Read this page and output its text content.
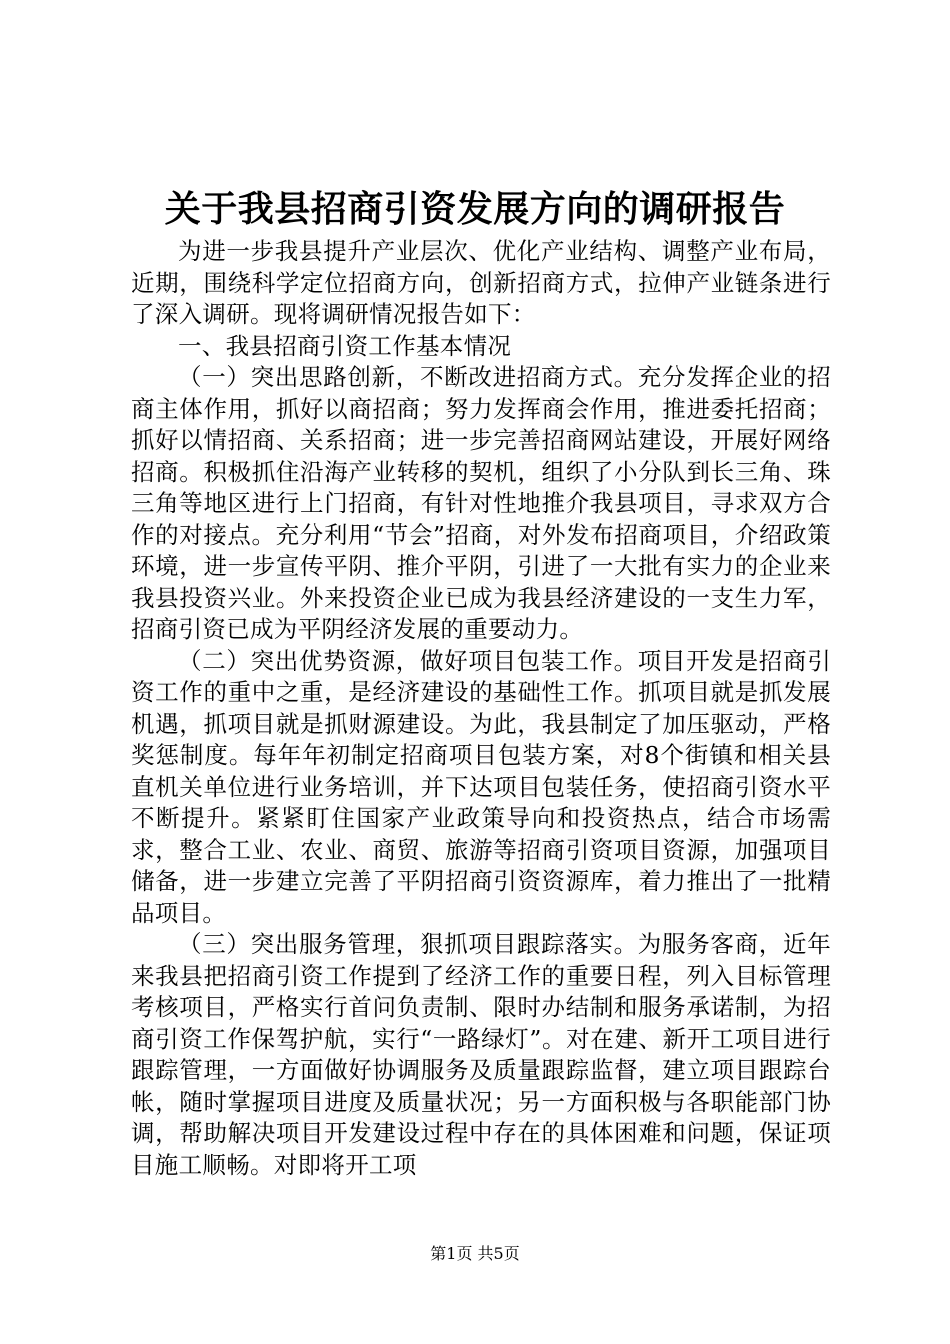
关于我县招商引资发展方向的调研报告

为进一步我县提升产业层次、优化产业结构、调整产业布局，近期，围绕科学定位招商方向，创新招商方式，拉伸产业链条进行了深入调研。现将调研情况报告如下：

一、我县招商引资工作基本情况

（一）突出思路创新，不断改进招商方式。充分发挥企业的招商主体作用，抓好以商招商；努力发挥商会作用，推进委托招商；抓好以情招商、关系招商；进一步完善招商网站建设，开展好网络招商。积极抓住沿海产业转移的契机，组织了小分队到长三角、珠三角等地区进行上门招商，有针对性地推介我县项目，寻求双方合作的对接点。充分利用“节会”招商，对外发布招商项目，介绍政策环境，进一步宣传平阴、推介平阴，引进了一大批有实力的企业来我县投资兴业。外来投资企业已成为我县经济建设的一支生力军，招商引资已成为平阴经济发展的重要动力。

（二）突出优势资源，做好项目包装工作。项目开发是招商引资工作的重中之重，是经济建设的基础性工作。抓项目就是抓发展机遇，抓项目就是抓财源建设。为此，我县制定了加压驱动，严格奖惩制度。每年年初制定招商项目包装方案，对8个街镇和相关县直机关单位进行业务培训，并下达项目包装任务，使招商引资水平不断提升。紧紧盯住国家产业政策导向和投资热点，结合市场需求，整合工业、农业、商贸、旅游等招商引资项目资源，加强项目储备，进一步建立完善了平阴招商引资资源库，着力推出了一批精品项目。

（三）突出服务管理，狠抓项目跟踪落实。为服务客商，近年来我县把招商引资工作提到了经济工作的重要日程，列入目标管理考核项目，严格实行首问负责制、限时办结制和服务承诺制，为招商引资工作保驾护航，实行“一路绿灯”。对在建、新开工项目进行跟踪管理，一方面做好协调服务及质量跟踪监督，建立项目跟踪台帐，随时掌握项目进度及质量状况；另一方面积极与各职能部门协调，帮助解决项目开发建设过程中存在的具体困难和问题，保证项目施工顺畅。对即将开工项

第1页 共5页
